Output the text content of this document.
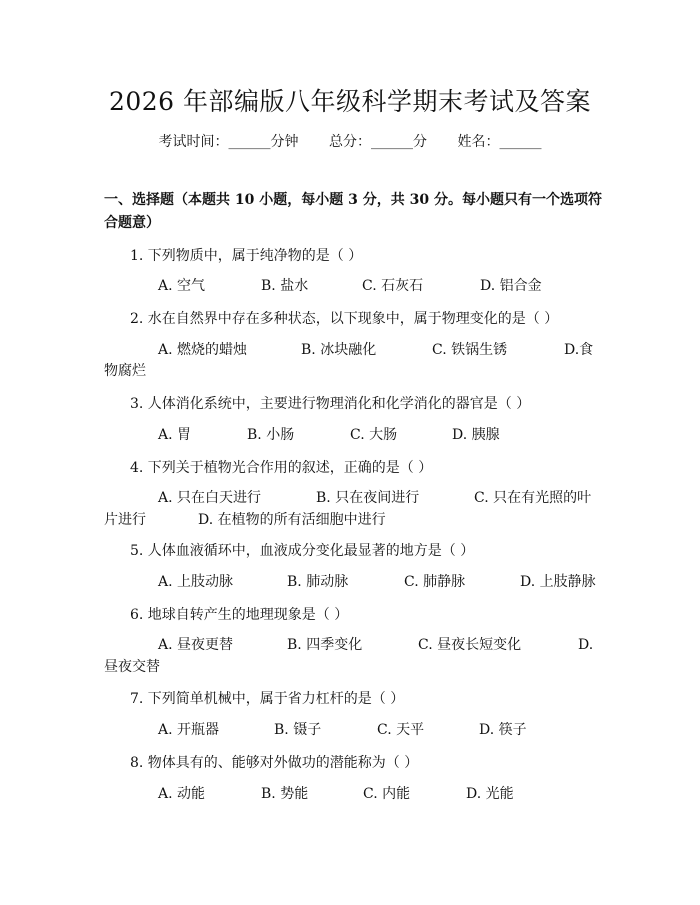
2026 年部编版八年级科学期末考试及答案
考试时间：______分钟 总分：______分 姓名：______
一、选择题（本题共 10 小题，每小题 3 分，共 30 分。每小题只有一个选项符合题意）
1. 下列物质中，属于纯净物的是（ ）
A. 空气	B. 盐水	C. 石灰石	D. 铝合金
2. 水在自然界中存在多种状态，以下现象中，属于物理变化的是（ ）
A. 燃烧的蜡烛	B. 冰块融化	C. 铁锅生锈	D.食
物腐烂
3. 人体消化系统中，主要进行物理消化和化学消化的器官是（ ）
A. 胃	B. 小肠	C. 大肠	D. 胰腺
4. 下列关于植物光合作用的叙述，正确的是（ ）
A. 只在白天进行	B. 只在夜间进行	C. 只在有光照的叶
片进行	D. 在植物的所有活细胞中进行
5. 人体血液循环中，血液成分变化最显著的地方是（ ）
A. 上肢动脉	B. 肺动脉	C. 肺静脉	D. 上肢静脉
6. 地球自转产生的地理现象是（ ）
A. 昼夜更替	B. 四季变化	C. 昼夜长短变化	D.
昼夜交替
7. 下列简单机械中，属于省力杠杆的是（ ）
A. 开瓶器	B. 镊子	C. 天平	D. 筷子
8. 物体具有的、能够对外做功的潜能称为（ ）
A. 动能	B. 势能	C. 内能	D. 光能
